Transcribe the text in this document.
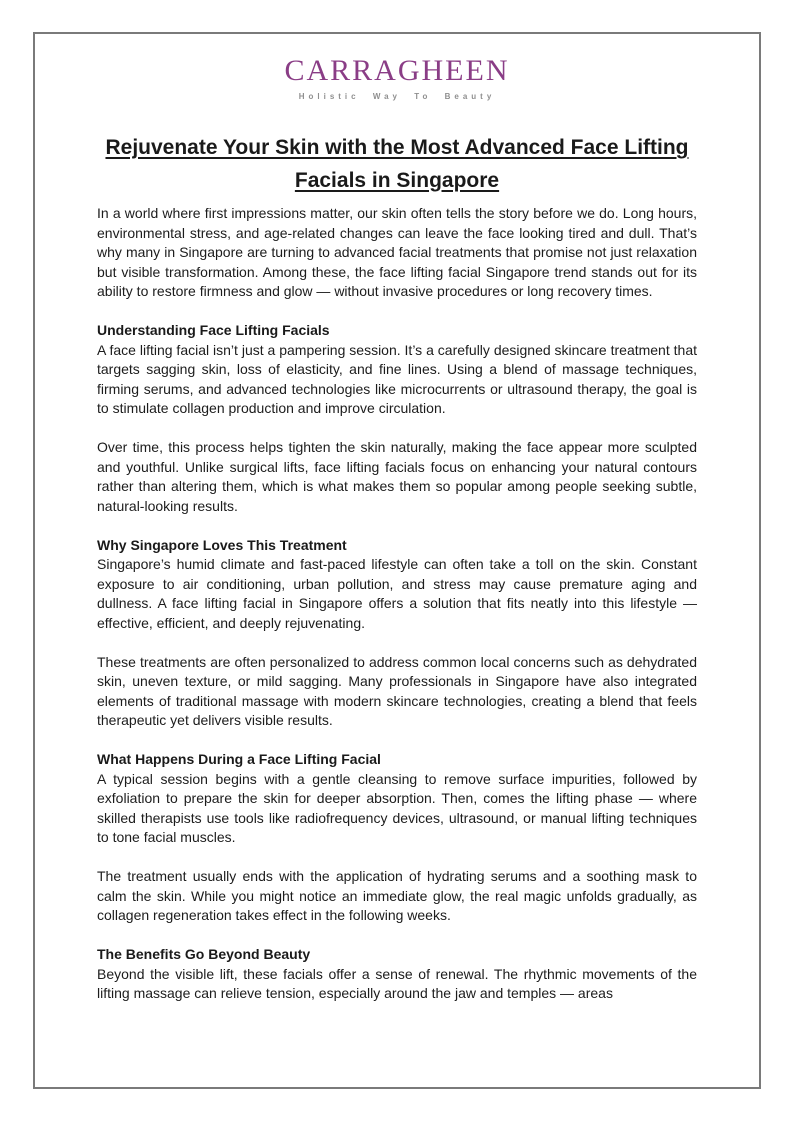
CARRAGHEEN
Holistic Way To Beauty
Rejuvenate Your Skin with the Most Advanced Face Lifting Facials in Singapore

In a world where first impressions matter, our skin often tells the story before we do. Long hours, environmental stress, and age-related changes can leave the face looking tired and dull. That’s why many in Singapore are turning to advanced facial treatments that promise not just relaxation but visible transformation. Among these, the face lifting facial Singapore trend stands out for its ability to restore firmness and glow — without invasive procedures or long recovery times.

Understanding Face Lifting Facials

A face lifting facial isn’t just a pampering session. It’s a carefully designed skincare treatment that targets sagging skin, loss of elasticity, and fine lines. Using a blend of massage techniques, firming serums, and advanced technologies like microcurrents or ultrasound therapy, the goal is to stimulate collagen production and improve circulation.

Over time, this process helps tighten the skin naturally, making the face appear more sculpted and youthful. Unlike surgical lifts, face lifting facials focus on enhancing your natural contours rather than altering them, which is what makes them so popular among people seeking subtle, natural-looking results.

Why Singapore Loves This Treatment

Singapore’s humid climate and fast-paced lifestyle can often take a toll on the skin. Constant exposure to air conditioning, urban pollution, and stress may cause premature aging and dullness. A face lifting facial in Singapore offers a solution that fits neatly into this lifestyle — effective, efficient, and deeply rejuvenating.

These treatments are often personalized to address common local concerns such as dehydrated skin, uneven texture, or mild sagging. Many professionals in Singapore have also integrated elements of traditional massage with modern skincare technologies, creating a blend that feels therapeutic yet delivers visible results.

What Happens During a Face Lifting Facial

A typical session begins with a gentle cleansing to remove surface impurities, followed by exfoliation to prepare the skin for deeper absorption. Then, comes the lifting phase — where skilled therapists use tools like radiofrequency devices, ultrasound, or manual lifting techniques to tone facial muscles.

The treatment usually ends with the application of hydrating serums and a soothing mask to calm the skin. While you might notice an immediate glow, the real magic unfolds gradually, as collagen regeneration takes effect in the following weeks.

The Benefits Go Beyond Beauty

Beyond the visible lift, these facials offer a sense of renewal. The rhythmic movements of the lifting massage can relieve tension, especially around the jaw and temples — areas
